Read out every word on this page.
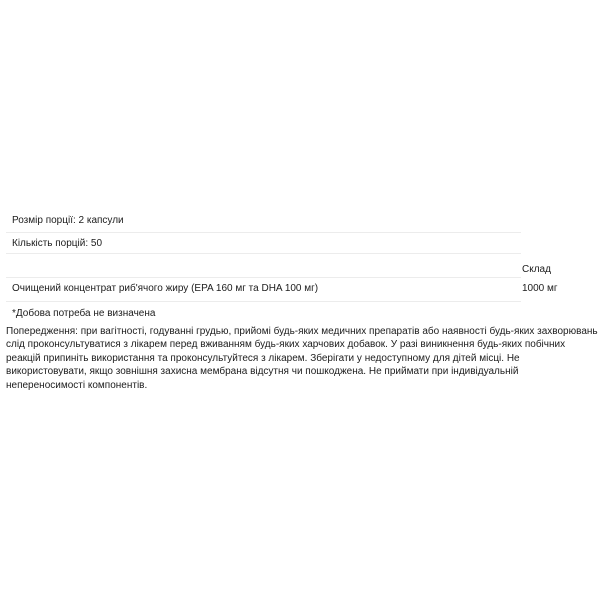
Розмір порції: 2 капсули
Кількість порцій: 50
Склад
Очищений концентрат риб'ячого жиру (EPA 160 мг та DHA 100 мг)	1000 мг
*Добова потреба не визначена

Попередження: при вагітності, годуванні грудью, прийомі будь-яких медичних препаратів або наявності будь-яких захворювань слід проконсультуватися з лікарем перед вживанням будь-яких харчових добавок. У разі виникнення будь-яких побічних реакцій припиніть використання та проконсультуйтеся з лікарем. Зберігати у недоступному для дітей місці. Не використовувати, якщо зовнішня захисна мембрана відсутня чи пошкоджена. Не приймати при індивідуальній непереносимості компонентів.
